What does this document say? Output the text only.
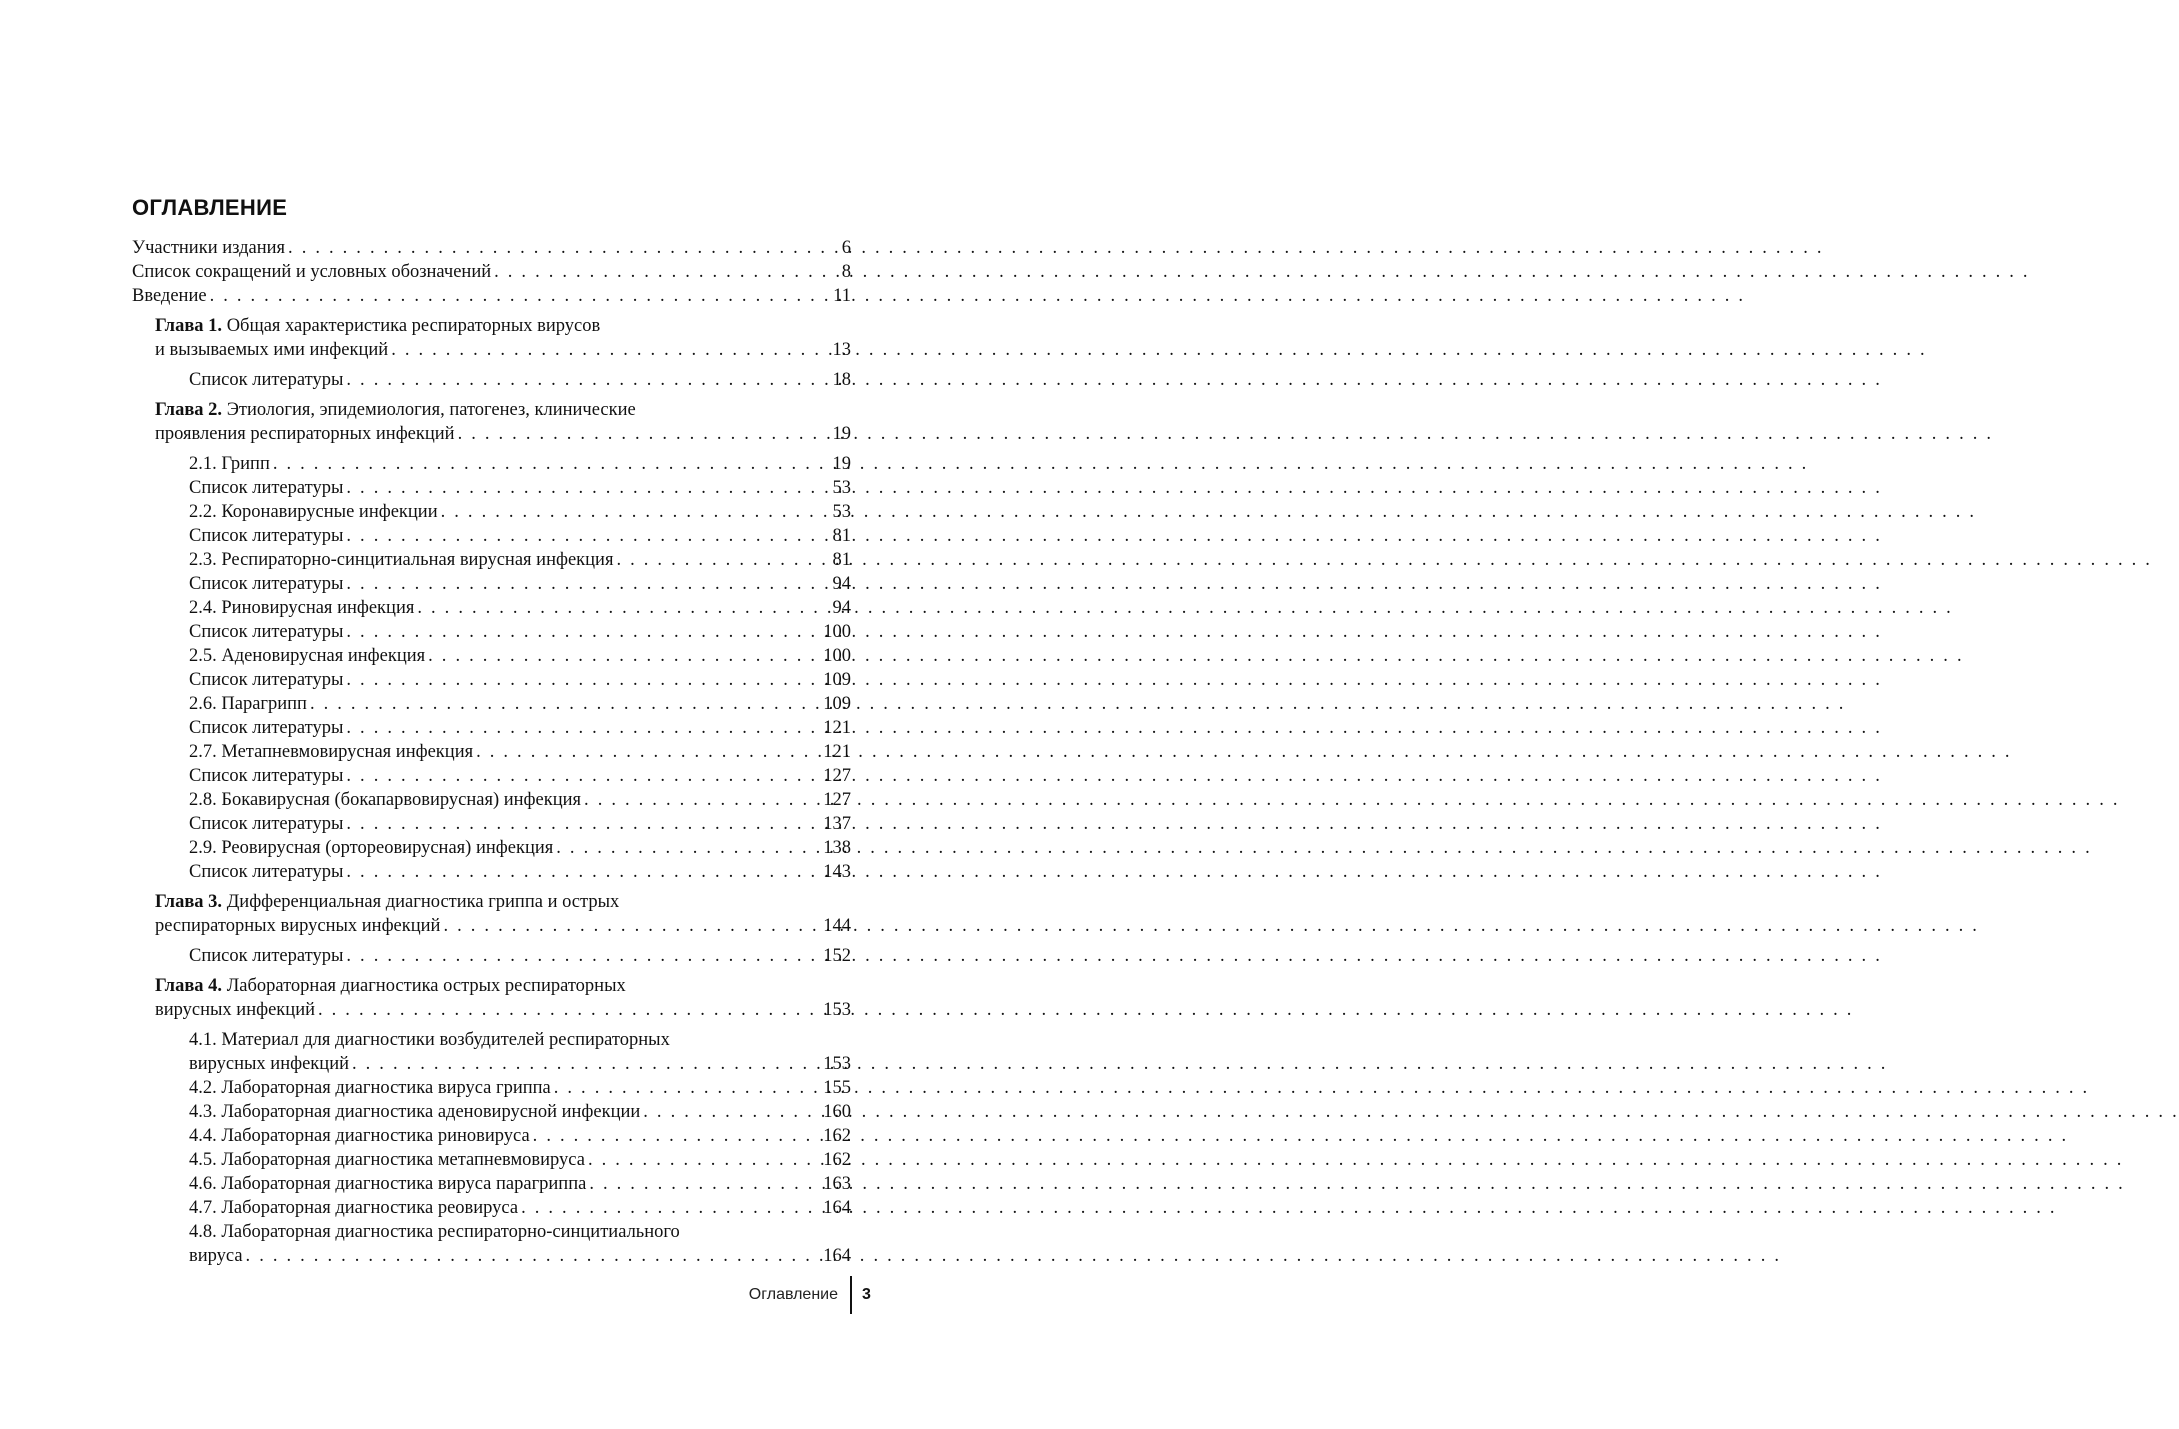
ОГЛАВЛЕНИЕ
Участники издания . . .	6
Список сокращений и условных обозначений . . .	8
Введение . . .	11
Глава 1. Общая характеристика респираторных вирусов
и вызываемых ими инфекций . . .	13
Список литературы . . .	18
Глава 2. Этиология, эпидемиология, патогенез, клинические
проявления респираторных инфекций . . .	19
2.1. Грипп . . .	19
Список литературы . . .	53
2.2. Коронавирусные инфекции . . .	53
Список литературы . . .	81
2.3. Респираторно-синцитиальная вирусная инфекция . . .	81
Список литературы . . .	94
2.4. Риновирусная инфекция . . .	94
Список литературы . . .	100
2.5. Аденовирусная инфекция . . .	100
Список литературы . . .	109
2.6. Парагрипп . . .	109
Список литературы . . .	121
2.7. Метапневмовирусная инфекция . . .	121
Список литературы . . .	127
2.8. Бокавирусная (бокапарвовирусная) инфекция . . .	127
Список литературы . . .	137
2.9. Реовирусная (ортореовирусная) инфекция . . .	138
Список литературы . . .	143
Глава 3. Дифференциальная диагностика гриппа и острых
респираторных вирусных инфекций . . .	144
Список литературы . . .	152
Глава 4. Лабораторная диагностика острых респираторных
вирусных инфекций . . .	153
4.1. Материал для диагностики возбудителей респираторных
вирусных инфекций . . .	153
4.2. Лабораторная диагностика вируса гриппа . . .	155
4.3. Лабораторная диагностика аденовирусной инфекции . . .	160
4.4. Лабораторная диагностика риновируса . . .	162
4.5. Лабораторная диагностика метапневмовируса . . .	162
4.6. Лабораторная диагностика вируса парагриппа . . .	163
4.7. Лабораторная диагностика реовируса . . .	164
4.8. Лабораторная диагностика респираторно-синцитиального
вируса . . .	164
Оглавление 3
